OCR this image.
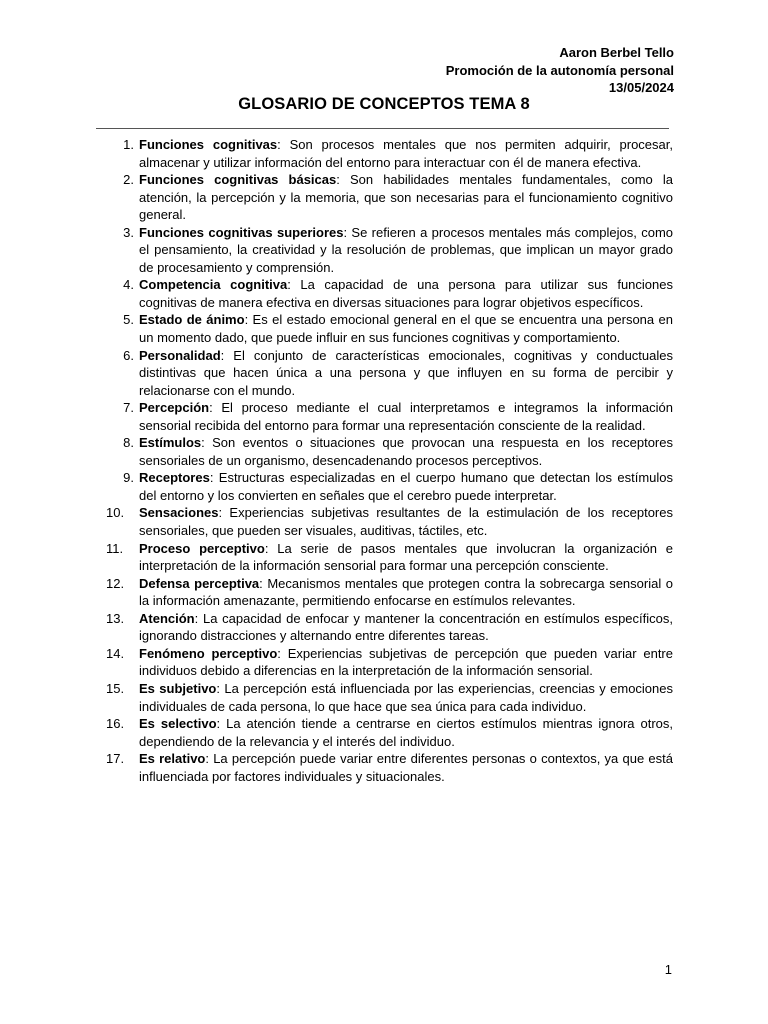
Aaron Berbel Tello
Promoción de la autonomía personal
13/05/2024
GLOSARIO DE CONCEPTOS TEMA 8
1. Funciones cognitivas: Son procesos mentales que nos permiten adquirir, procesar, almacenar y utilizar información del entorno para interactuar con él de manera efectiva.
2. Funciones cognitivas básicas: Son habilidades mentales fundamentales, como la atención, la percepción y la memoria, que son necesarias para el funcionamiento cognitivo general.
3. Funciones cognitivas superiores: Se refieren a procesos mentales más complejos, como el pensamiento, la creatividad y la resolución de problemas, que implican un mayor grado de procesamiento y comprensión.
4. Competencia cognitiva: La capacidad de una persona para utilizar sus funciones cognitivas de manera efectiva en diversas situaciones para lograr objetivos específicos.
5. Estado de ánimo: Es el estado emocional general en el que se encuentra una persona en un momento dado, que puede influir en sus funciones cognitivas y comportamiento.
6. Personalidad: El conjunto de características emocionales, cognitivas y conductuales distintivas que hacen única a una persona y que influyen en su forma de percibir y relacionarse con el mundo.
7. Percepción: El proceso mediante el cual interpretamos e integramos la información sensorial recibida del entorno para formar una representación consciente de la realidad.
8. Estímulos: Son eventos o situaciones que provocan una respuesta en los receptores sensoriales de un organismo, desencadenando procesos perceptivos.
9. Receptores: Estructuras especializadas en el cuerpo humano que detectan los estímulos del entorno y los convierten en señales que el cerebro puede interpretar.
10.	Sensaciones: Experiencias subjetivas resultantes de la estimulación de los receptores sensoriales, que pueden ser visuales, auditivas, táctiles, etc.
11.	Proceso perceptivo: La serie de pasos mentales que involucran la organización e interpretación de la información sensorial para formar una percepción consciente.
12.	Defensa perceptiva: Mecanismos mentales que protegen contra la sobrecarga sensorial o la información amenazante, permitiendo enfocarse en estímulos relevantes.
13.	Atención: La capacidad de enfocar y mantener la concentración en estímulos específicos, ignorando distracciones y alternando entre diferentes tareas.
14.	Fenómeno perceptivo: Experiencias subjetivas de percepción que pueden variar entre individuos debido a diferencias en la interpretación de la información sensorial.
15.	Es subjetivo: La percepción está influenciada por las experiencias, creencias y emociones individuales de cada persona, lo que hace que sea única para cada individuo.
16.	Es selectivo: La atención tiende a centrarse en ciertos estímulos mientras ignora otros, dependiendo de la relevancia y el interés del individuo.
17.	Es relativo: La percepción puede variar entre diferentes personas o contextos, ya que está influenciada por factores individuales y situacionales.
1
